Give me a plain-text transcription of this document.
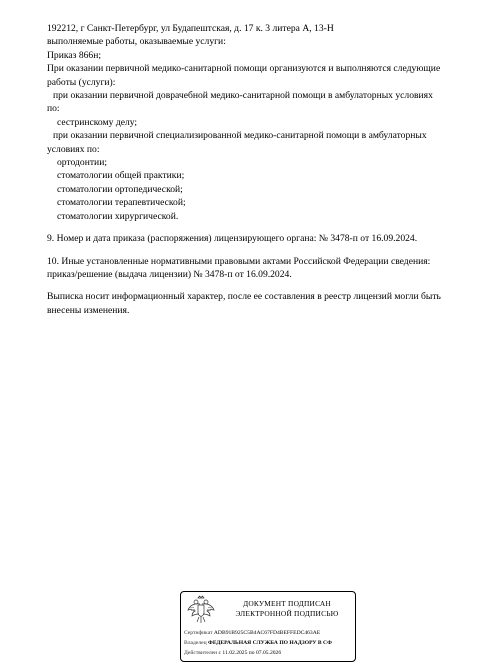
192212, г Санкт-Петербург, ул Будапештская, д. 17 к. 3 литера А, 13-Н
выполняемые работы, оказываемые услуги:
Приказ 866н;
При оказании первичной медико-санитарной помощи организуются и выполняются следующие
работы (услуги):
при оказании первичной доврачебной медико-санитарной помощи в амбулаторных условиях
по:
сестринскому делу;
при оказании первичной специализированной медико-санитарной помощи в амбулаторных
условиях по:
ортодонтии;
стоматологии общей практики;
стоматологии ортопедической;
стоматологии терапевтической;
стоматологии хирургической.
9. Номер и дата приказа (распоряжения) лицензирующего органа: № 3478-п от 16.09.2024.
10. Иные установленные нормативными правовыми актами Российской Федерации сведения:
приказ/решение (выдача лицензии) № 3478-п от 16.09.2024.
Выписка носит информационный характер, после ее составления в реестр лицензий могли быть
внесены изменения.
ДОКУМЕНТ ПОДПИСАН
ЭЛЕКТРОННОЙ ПОДПИСЬЮ
Сертификат ADB91B925C5B4AC67FD4BEFFEDC463AE
Владелец ФЕДЕРАЛЬНАЯ СЛУЖБА ПО НАДЗОРУ В СФ
Действителен с 11.02.2025 по 07.05.2026
